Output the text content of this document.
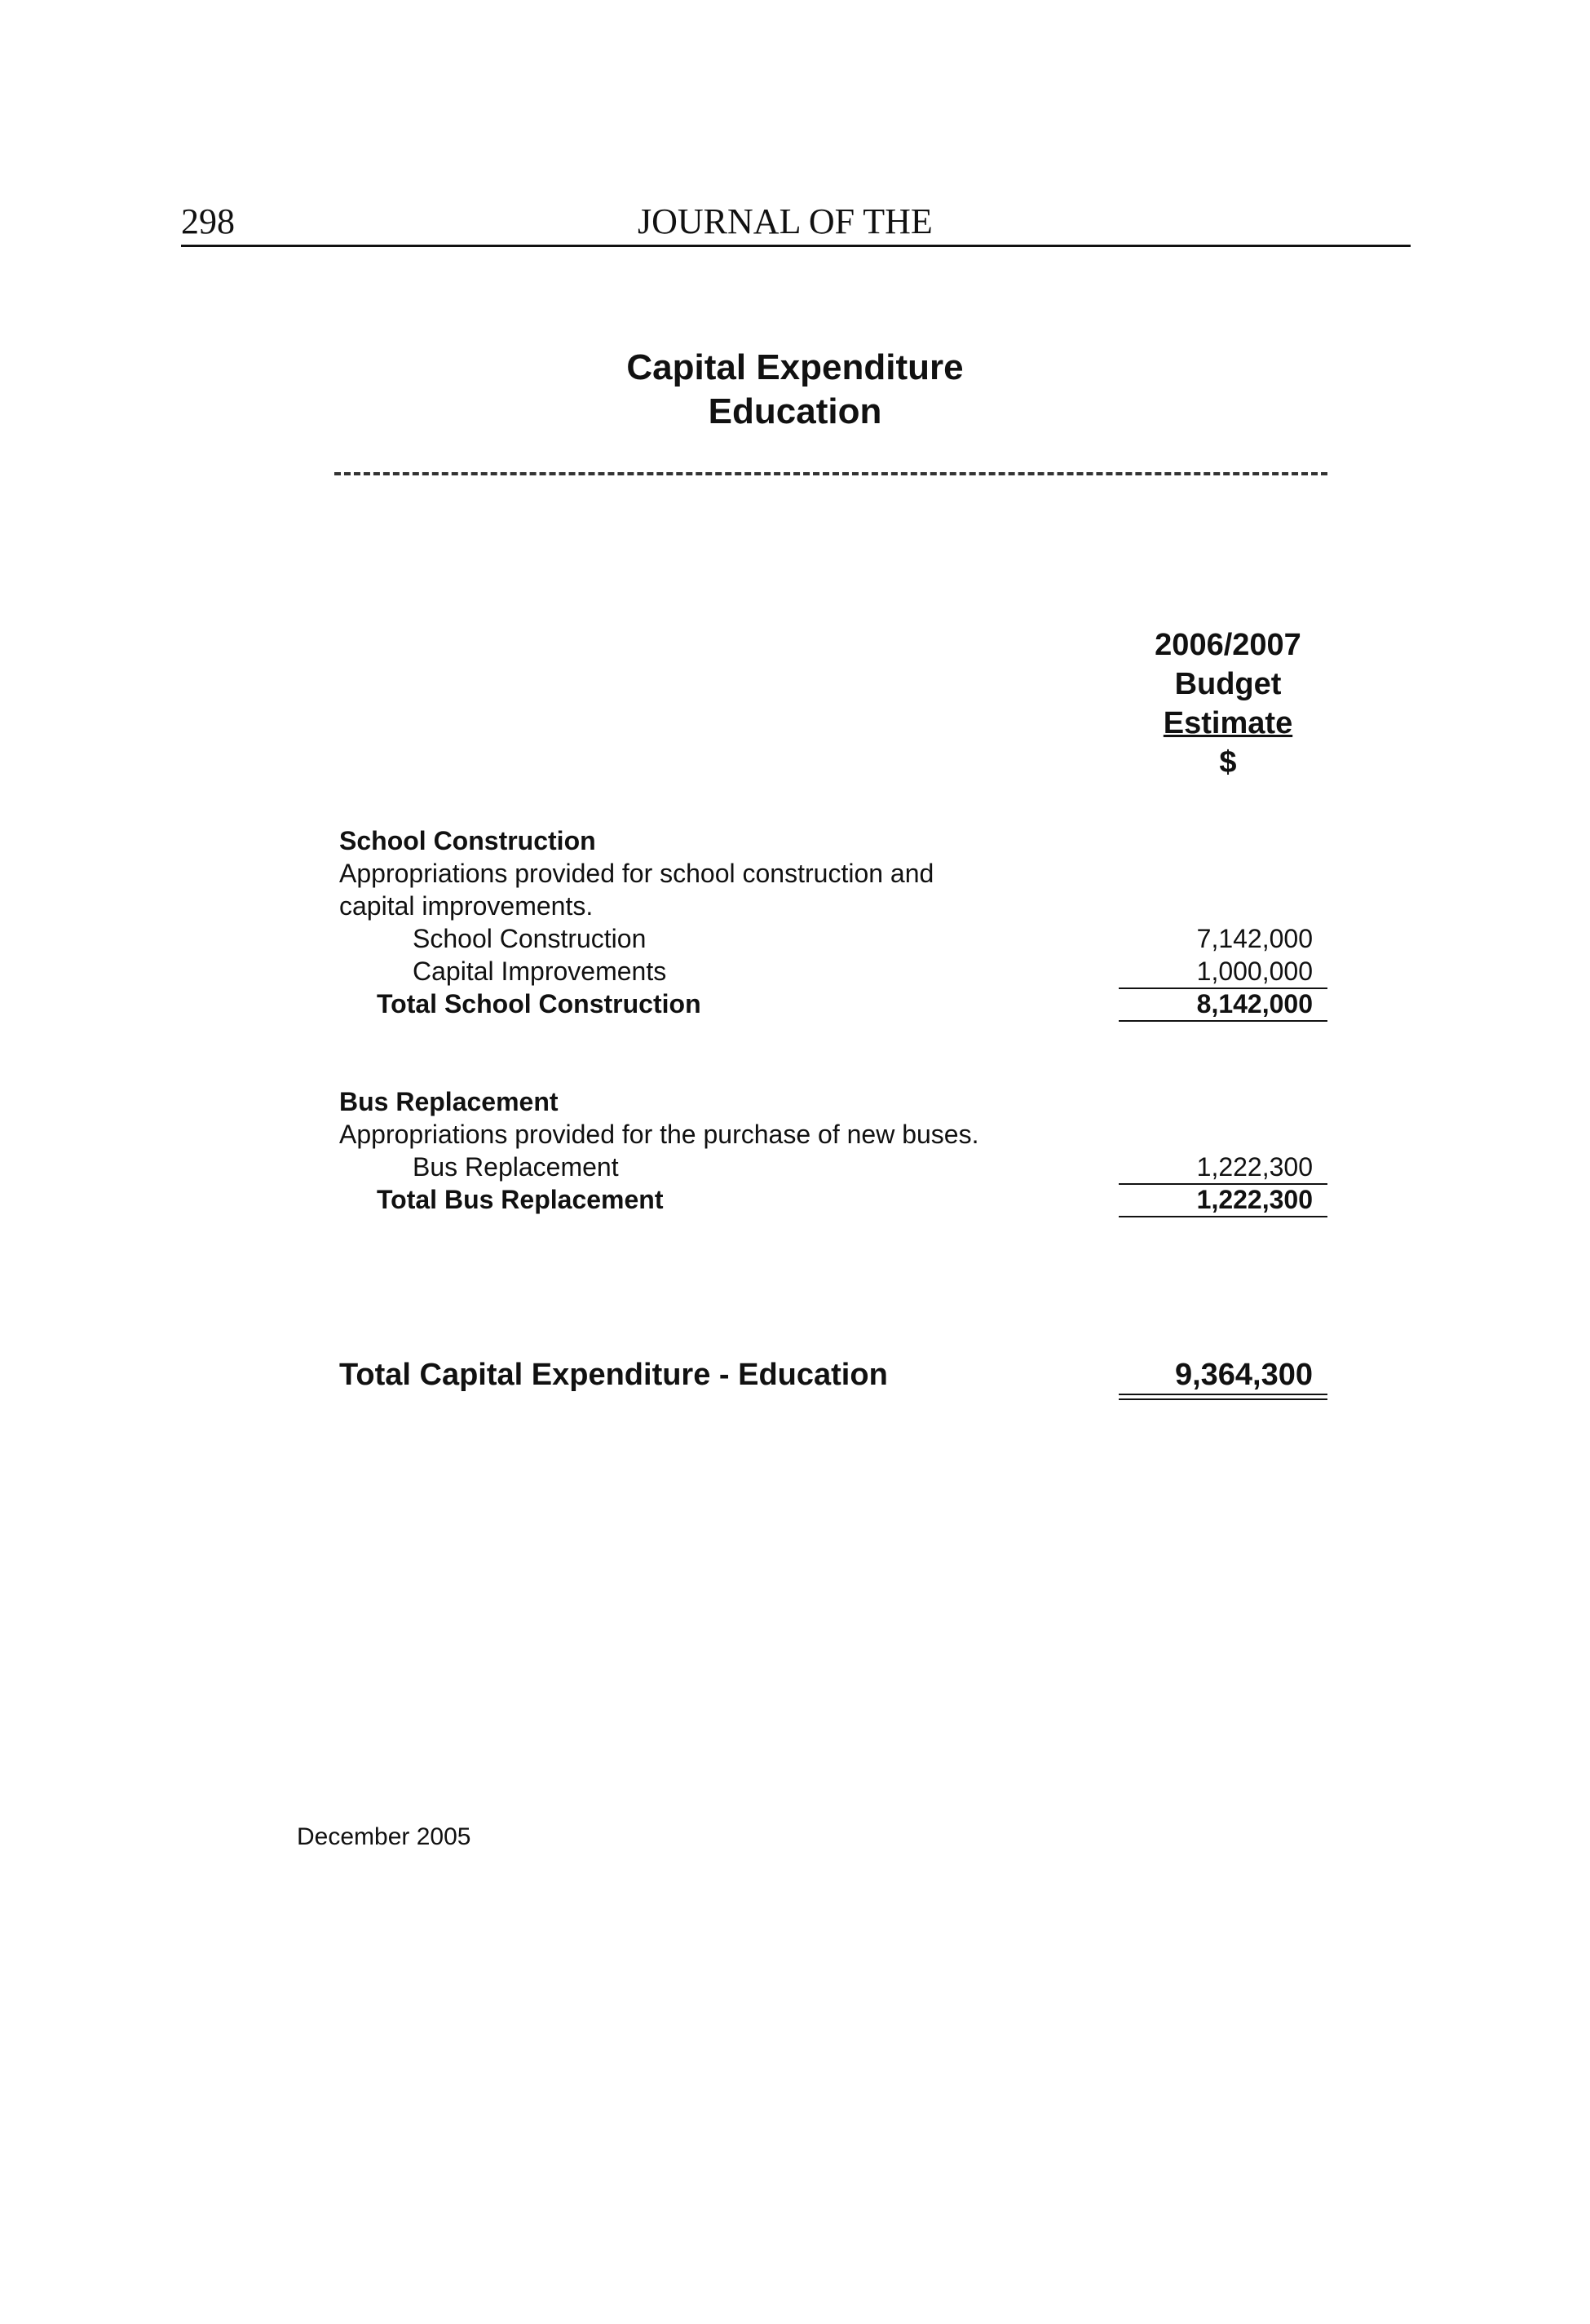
298	JOURNAL OF THE
Capital Expenditure
Education
2006/2007
Budget
Estimate
$
School Construction
Appropriations provided for school construction and
capital improvements.
School Construction	7,142,000
Capital Improvements	1,000,000
Total School Construction	8,142,000
Bus Replacement
Appropriations provided for the purchase of new buses.
Bus Replacement	1,222,300
Total Bus Replacement	1,222,300
Total Capital Expenditure - Education	9,364,300
December 2005
